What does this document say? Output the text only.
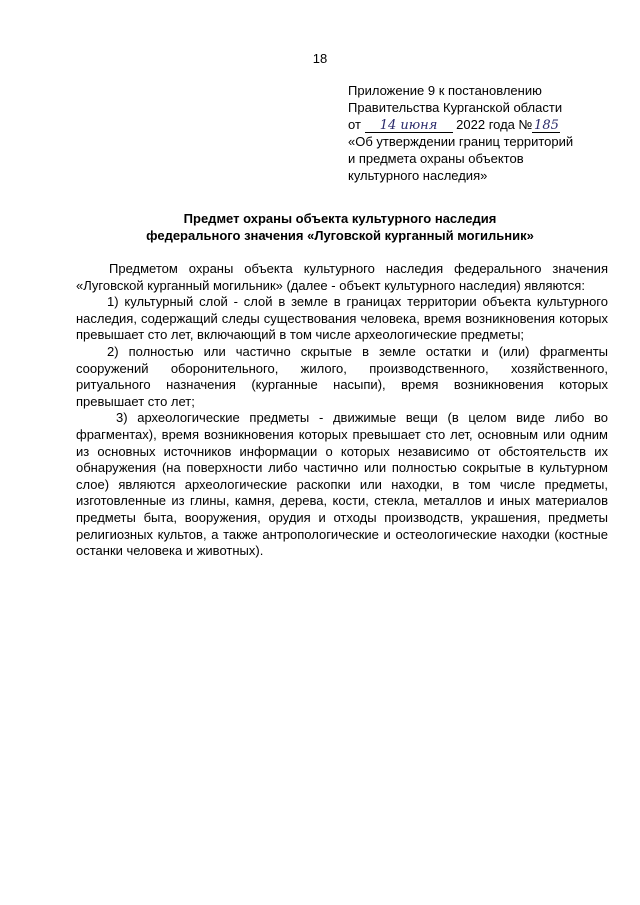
18
Приложение 9 к постановлению
Правительства Курганской области
от 14 июня 2022 года № 185
«Об утверждении границ территорий
и предмета охраны объектов
культурного наследия»
Предмет охраны объекта культурного наследия
федерального значения «Луговской курганный могильник»

Предметом охраны объекта культурного наследия федерального значения «Луговской курганный могильник» (далее - объект культурного наследия) являются:

1) культурный слой - слой в земле в границах территории объекта культурного наследия, содержащий следы существования человека, время возникновения которых превышает сто лет, включающий в том числе археологические предметы;

2) полностью или частично скрытые в земле остатки и (или) фрагменты сооружений оборонительного, жилого, производственного, хозяйственного, ритуального назначения (курганные насыпи), время возникновения которых превышает сто лет;

3) археологические предметы - движимые вещи (в целом виде либо во фрагментах), время возникновения которых превышает сто лет, основным или одним из основных источников информации о которых независимо от обстоятельств их обнаружения (на поверхности либо частично или полностью сокрытые в культурном слое) являются археологические раскопки или находки, в том числе предметы, изготовленные из глины, камня, дерева, кости, стекла, металлов и иных материалов предметы быта, вооружения, орудия и отходы производств, украшения, предметы религиозных культов, а также антропологические и остеологические находки (костные останки человека и животных).
